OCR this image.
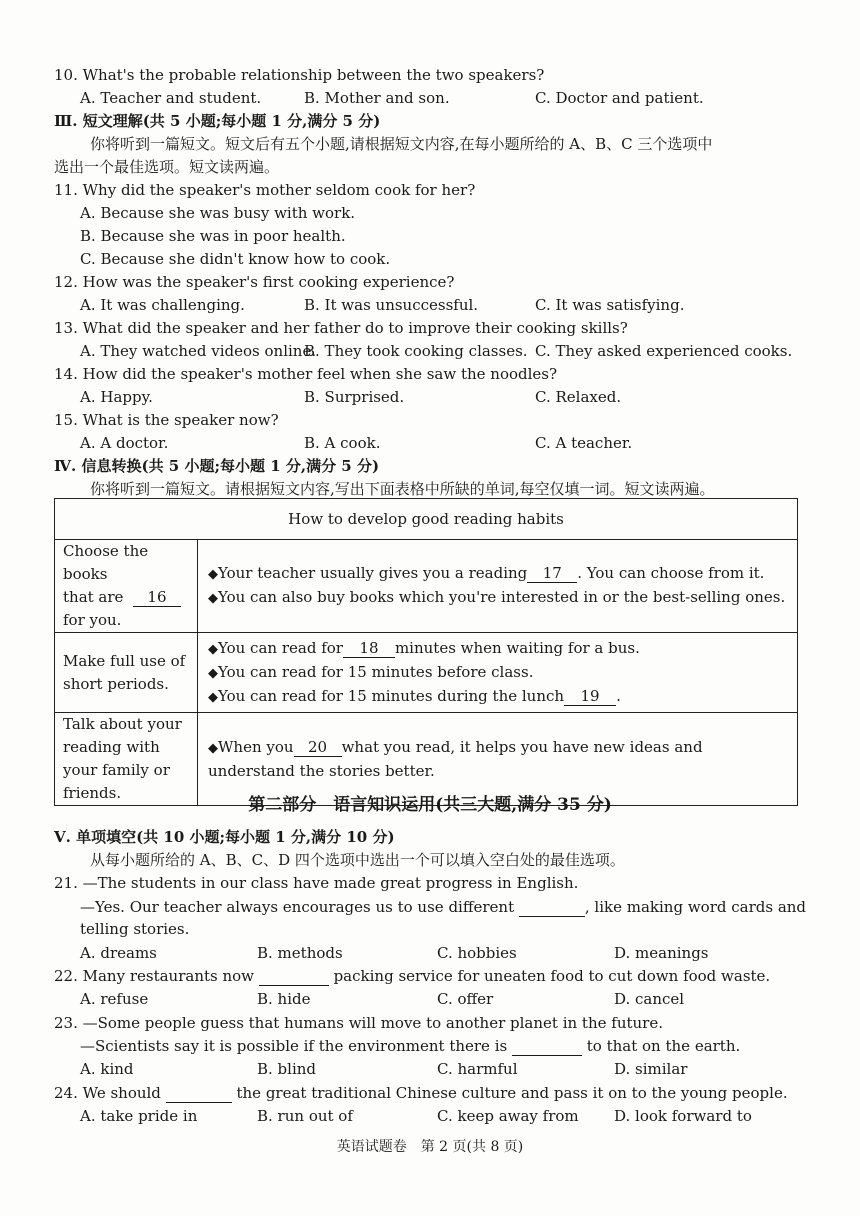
10. What's the probable relationship between the two speakers?
A. Teacher and student.	B. Mother and son.	C. Doctor and patient.
Ⅲ. 短文理解(共 5 小题;每小题 1 分,满分 5 分)
你将听到一篇短文。短文后有五个小题,请根据短文内容,在每小题所给的 A、B、C 三个选项中
选出一个最佳选项。短文读两遍。
11. Why did the speaker's mother seldom cook for her?
A. Because she was busy with work.
B. Because she was in poor health.
C. Because she didn't know how to cook.
12. How was the speaker's first cooking experience?
A. It was challenging.	B. It was unsuccessful.	C. It was satisfying.
13. What did the speaker and her father do to improve their cooking skills?
A. They watched videos online.
B. They took cooking classes. C. They asked experienced cooks.
14. How did the speaker's mother feel when she saw the noodles?
A. Happy.	B. Surprised.	C. Relaxed.
15. What is the speaker now?
A. A doctor.	B. A cook.	C. A teacher.
Ⅳ. 信息转换(共 5 小题;每小题 1 分,满分 5 分)
你将听到一篇短文。请根据短文内容,写出下面表格中所缺的单词,每空仅填一词。短文读两遍。
How to develop good reading habits	
Choose the books
that are 16
for you.	◆Your teacher usually gives you a reading 17 . You can choose from it.
◆You can also buy books which you're interested in or the best-selling ones.
Make full use of short periods.	◆You can read for 18 minutes when waiting for a bus.
◆You can read for 15 minutes before class.
◆You can read for 15 minutes during the lunch 19 .
Talk about your reading with your family or friends.	◆When you 20 what you read, it helps you have new ideas and understand the stories better.
第二部分　语言知识运用(共三大题,满分 35 分)
Ⅴ. 单项填空(共 10 小题;每小题 1 分,满分 10 分)
从每小题所给的 A、B、C、D 四个选项中选出一个可以填入空白处的最佳选项。
21. —The students in our class have made great progress in English.
—Yes. Our teacher always encourages us to use different	, like making word cards and
telling stories.
A. dreams	B. methods	C. hobbies	D. meanings
22. Many restaurants now	packing service for uneaten food to cut down food waste.
A. refuse	B. hide	C. offer	D. cancel
23. —Some people guess that humans will move to another planet in the future.
—Scientists say it is possible if the environment there is	to that on the earth.
A. kind	B. blind	C. harmful	D. similar
24. We should	the great traditional Chinese culture and pass it on to the young people.
A. take pride in	B. run out of	C. keep away from D. look forward to
英语试题卷　第 2 页(共 8 页)
